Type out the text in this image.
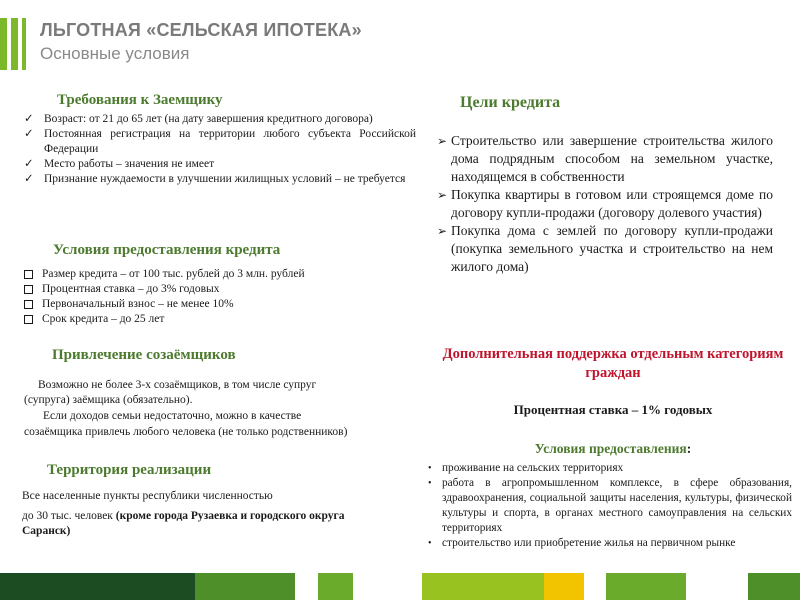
ЛЬГОТНАЯ «СЕЛЬСКАЯ ИПОТЕКА»
Основные условия
Требования к Заемщику
✓ Возраст: от 21 до 65 лет (на дату завершения кредитного договора)
✓ Постоянная регистрация на территории любого субъекта Российской Федерации
✓ Место работы – значения не имеет
✓ Признание нуждаемости в улучшении жилищных условий – не требуется
Условия предоставления кредита
Размер кредита – от 100 тыс. рублей до 3 млн. рублей
Процентная ставка – до 3% годовых
Первоначальный взнос – не менее 10%
Срок кредита – до 25 лет
Привлечение созаёмщиков
Возможно не более 3-х созаёмщиков, в том числе супруг
(супруга) заёмщика (обязательно).
Если доходов семьи недостаточно, можно в качестве
созаёмщика привлечь любого человека (не только родственников)
Территория реализации
Все населенные пункты республики численностью
до 30 тыс. человек (кроме города Рузаевка и городского округа Саранск)
Цели кредита
➢ Строительство или завершение строительства жилого дома подрядным способом на земельном участке, находящемся в собственности
➢ Покупка квартиры в готовом или строящемся доме по договору купли-продажи (договору долевого участия)
➢ Покупка дома с землей по договору купли-продажи (покупка земельного участка и строительство на нем жилого дома)
Дополнительная поддержка отдельным категориям граждан
Процентная ставка – 1% годовых
Условия предоставления:
• проживание на сельских территориях
• работа в агропромышленном комплексе, в сфере образования, здравоохранения, социальной защиты населения, культуры, физической культуры и спорта, в органах местного самоуправления на сельских территориях
• строительство или приобретение жилья на первичном рынке
